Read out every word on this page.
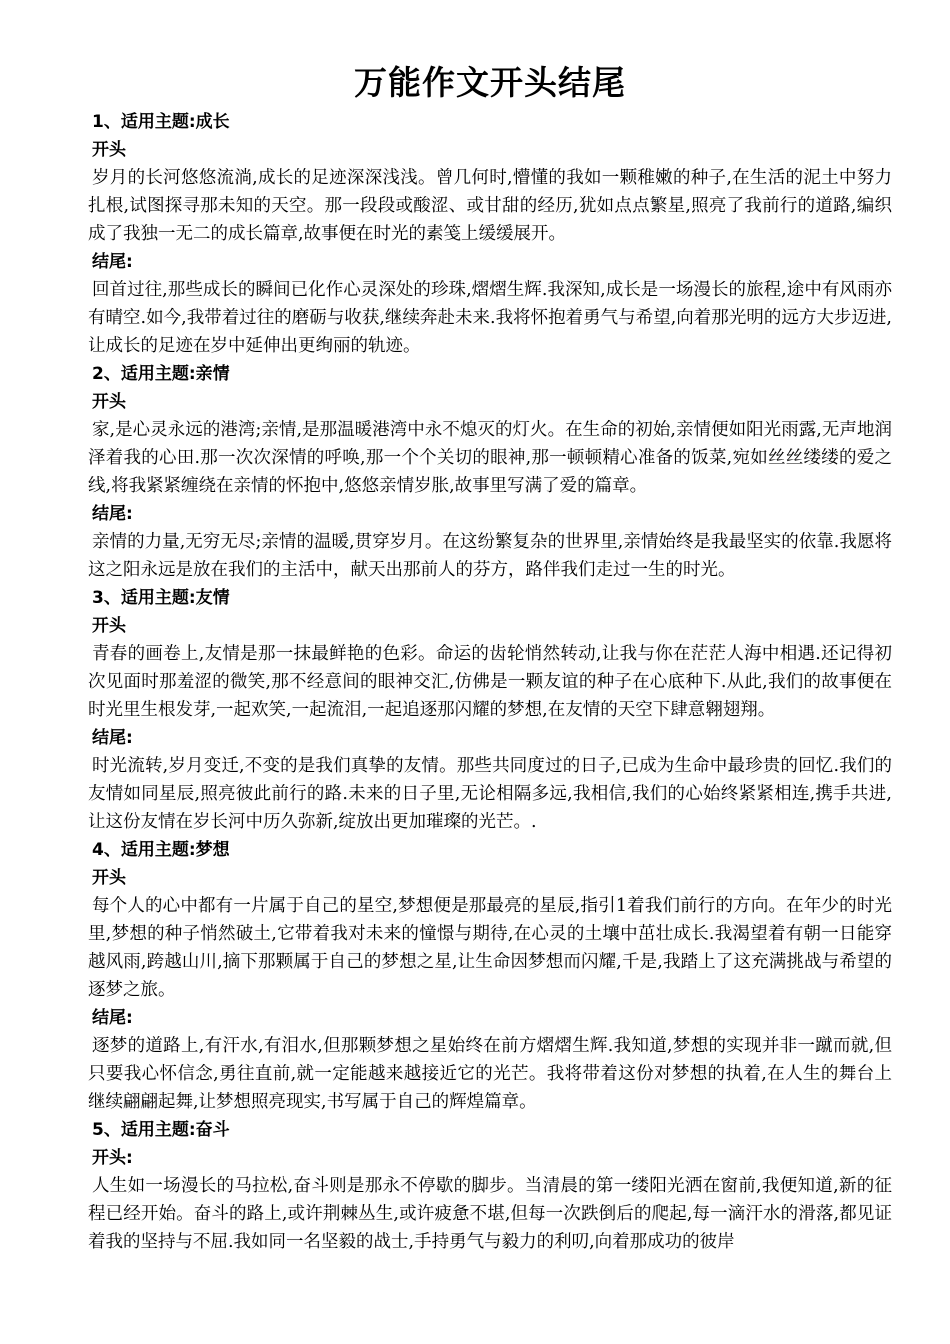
万能作文开头结尾

1、适用主题:成长

开头

岁月的长河悠悠流淌,成长的足迹深深浅浅。曾几何时,懵懂的我如一颗稚嫩的种子,在生活的泥土中努力扎根,试图探寻那未知的天空。那一段段或酸涩、或甘甜的经历,犹如点点繁星,照亮了我前行的道路,编织成了我独一无二的成长篇章,故事便在时光的素笺上缓缓展开。

结尾:

回首过往,那些成长的瞬间已化作心灵深处的珍珠,熠熠生辉.我深知,成长是一场漫长的旅程,途中有风雨亦有晴空.如今,我带着过往的磨砺与收获,继续奔赴未来.我将怀抱着勇气与希望,向着那光明的远方大步迈进,让成长的足迹在岁中延伸出更绚丽的轨迹。

2、适用主题:亲情

开头

家,是心灵永远的港湾;亲情,是那温暖港湾中永不熄灭的灯火。在生命的初始,亲情便如阳光雨露,无声地润泽着我的心田.那一次次深情的呼唤,那一个个关切的眼神,那一顿顿精心准备的饭菜,宛如丝丝缕缕的爱之线,将我紧紧缠绕在亲情的怀抱中,悠悠亲情岁胀,故事里写满了爱的篇章。

结尾:

亲情的力量,无穷无尽;亲情的温暖,贯穿岁月。在这纷繁复杂的世界里,亲情始终是我最坚实的依靠.我愿将这之阳永远是放在我们的主活中，献天出那前人的芬方，路伴我们走过一生的时光。

3、适用主题:友情

开头

青春的画卷上,友情是那一抹最鲜艳的色彩。命运的齿轮悄然转动,让我与你在茫茫人海中相遇.还记得初次见面时那羞涩的微笑,那不经意间的眼神交汇,仿佛是一颗友谊的种子在心底种下.从此,我们的故事便在时光里生根发芽,一起欢笑,一起流泪,一起追逐那闪耀的梦想,在友情的天空下肆意翱翅翔。

结尾:

时光流转,岁月变迁,不变的是我们真挚的友情。那些共同度过的日子,已成为生命中最珍贵的回忆.我们的友情如同星辰,照亮彼此前行的路.未来的日子里,无论相隔多远,我相信,我们的心始终紧紧相连,携手共进,让这份友情在岁长河中历久弥新,绽放出更加璀璨的光芒。.

4、适用主题:梦想

开头

每个人的心中都有一片属于自己的星空,梦想便是那最亮的星辰,指引1着我们前行的方向。在年少的时光里,梦想的种子悄然破土,它带着我对未来的憧憬与期待,在心灵的土壤中茁壮成长.我渴望着有朝一日能穿越风雨,跨越山川,摘下那颗属于自己的梦想之星,让生命因梦想而闪耀,千是,我踏上了这充满挑战与希望的逐梦之旅。

结尾:

逐梦的道路上,有汗水,有泪水,但那颗梦想之星始终在前方熠熠生辉.我知道,梦想的实现并非一蹴而就,但只要我心怀信念,勇往直前,就一定能越来越接近它的光芒。我将带着这份对梦想的执着,在人生的舞台上继续翩翩起舞,让梦想照亮现实,书写属于自己的辉煌篇章。

5、适用主题:奋斗

开头:

人生如一场漫长的马拉松,奋斗则是那永不停歇的脚步。当清晨的第一缕阳光洒在窗前,我便知道,新的征程已经开始。奋斗的路上,或许荆棘丛生,或许疲惫不堪,但每一次跌倒后的爬起,每一滴汗水的滑落,都见证着我的坚持与不屈.我如同一名坚毅的战士,手持勇气与毅力的利叨,向着那成功的彼岸
